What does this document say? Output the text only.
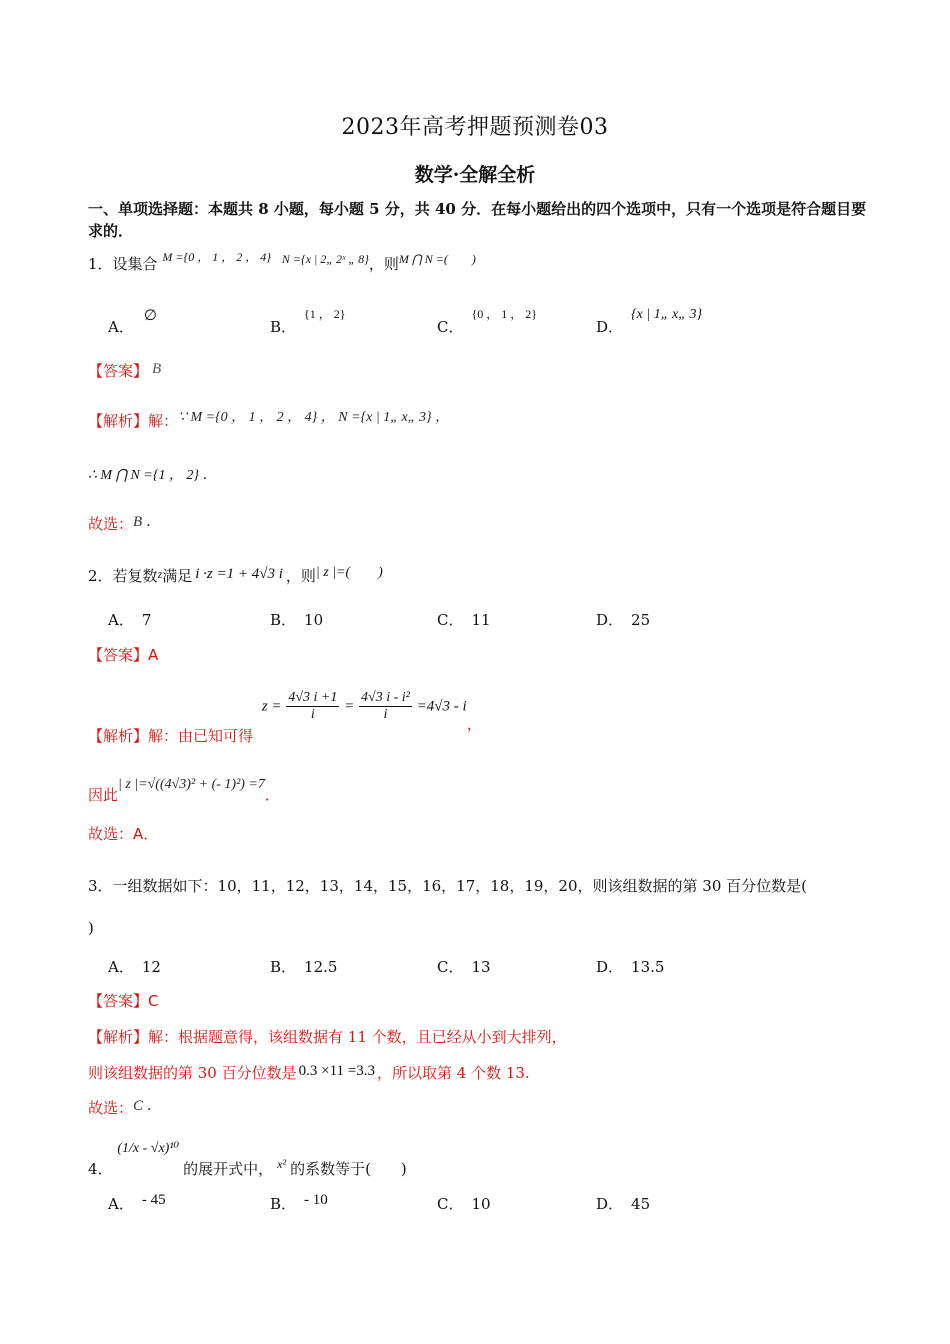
2023年高考押题预测卷03
数学·全解全析
一、单项选择题：本题共 8 小题，每小题 5 分，共 40 分．在每小题给出的四个选项中，只有一个选项是符合题目要求的．
1．设集合 $^{M =\{0 , 1 , 2 , 4\}}$ $^{N =\{x | 2„ 2ˣ „ 8\}}$，则$^{M ⋂ N =( )}$
A．∅
B．$^{\{1 , 2\}}$
C．$^{\{0 , 1 , 2\}}$
D．{x | 1„ x„ 3}
【答案】 B
【解析】解：∵ M ={0 ， 1 ， 2 ， 4} ， N ={x | 1„ x„ 3} ，
∴ M ⋂ N ={1 ， 2} ．
故选：B ．
2．若复数$^z$满足 i ·z =1 + 4√3 i ，则| z |=(　　)
A． 7	B． 10	C． 11	D． 25
【答案】A
【解析】解：由已知可得 $z = \frac{4√3 i +1}{i} = \frac{\text{4√3 i - i²}}{i} =4√3 - i$，
因此| z |=√((4√3)² + (- 1)²) =7．
故选：A．
3．一组数据如下：10，11，12，13，14，15，16，17，18，19，20，则该组数据的第 30 百分位数是(
)
A． 12	B． 12.5	C． 13	D． 13.5
【答案】C
【解析】解：根据题意得，该组数据有 11 个数，且已经从小到大排列，
则该组数据的第 30 百分位数是 0.3 ×11 =3.3 ，所以取第 4 个数 13.
故选：C ．
4． (1/x - √x)¹⁰的展开式中， $^{x^2}$ 的系数等于(　　)
A． - 45	B． - 10	C． 10	D． 45
